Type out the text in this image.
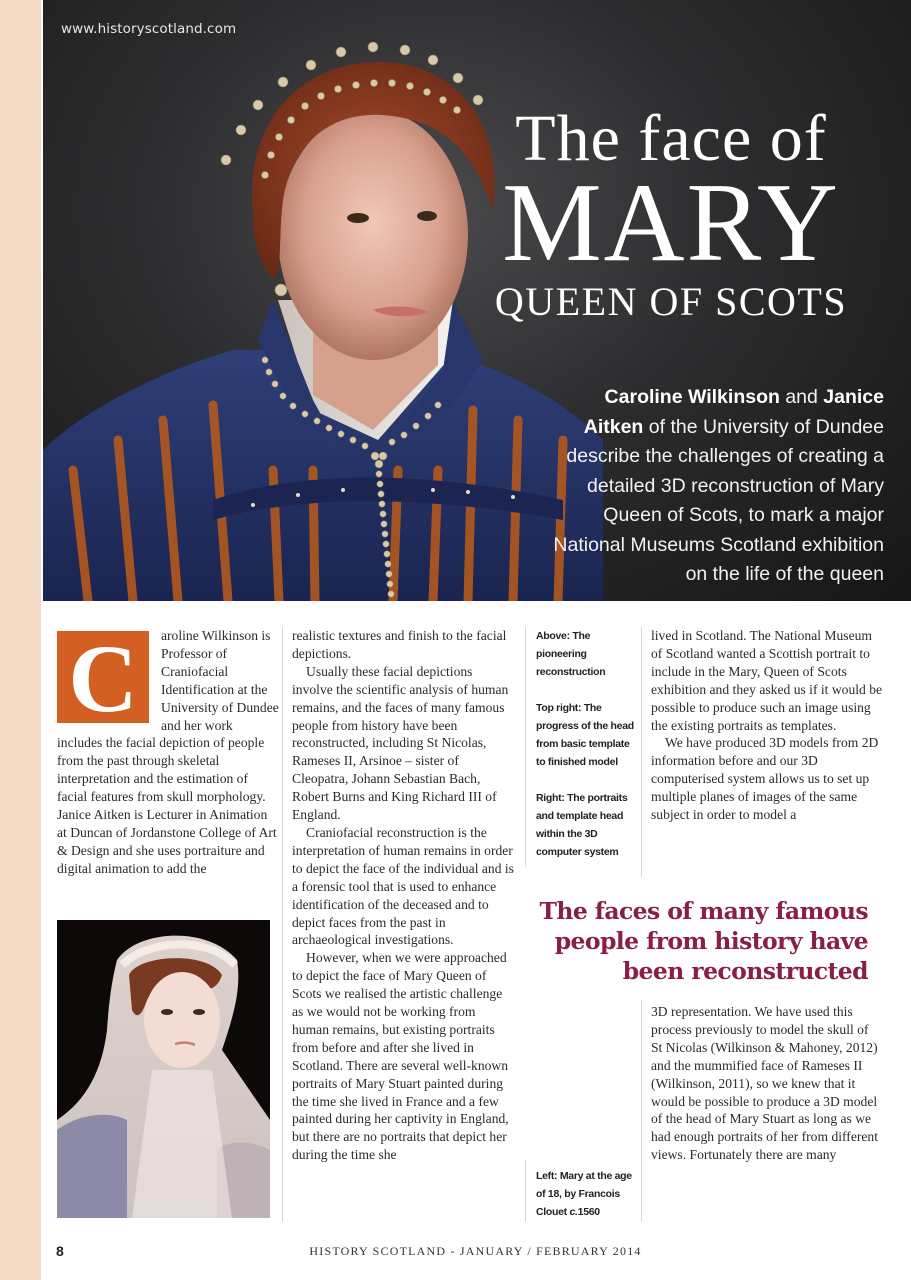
www.historyscotland.com
The face of
MARY
QUEEN OF SCOTS
Caroline Wilkinson and Janice Aitken of the University of Dundee describe the challenges of creating a detailed 3D reconstruction of Mary Queen of Scots, to mark a major National Museums Scotland exhibition on the life of the queen
C	aroline Wilkinson is Professor of Craniofacial Identification at the University of Dundee and her work includes the facial depiction of people from the past through skeletal interpretation and the estimation of facial features from skull morphology. Janice Aitken is Lecturer in Animation at Duncan of Jordanstone College of Art & Design and she uses portraiture and digital animation to add the

realistic textures and finish to the facial depictions.

Usually these facial depictions involve the scientific analysis of human remains, and the faces of many famous people from history have been reconstructed, including St Nicolas, Rameses II, Arsinoe – sister of Cleopatra, Johann Sebastian Bach, Robert Burns and King Richard III of England.

Craniofacial reconstruction is the interpretation of human remains in order to depict the face of the individual and is a forensic tool that is used to enhance identification of the deceased and to depict faces from the past in archaeological investigations.

However, when we were approached to depict the face of Mary Queen of Scots we realised the artistic challenge as we would not be working from human remains, but existing portraits from before and after she lived in Scotland. There are several well-known portraits of Mary Stuart painted during the time she lived in France and a few painted during her captivity in England, but there are no portraits that depict her during the time she

Above: The pioneering reconstruction

Top right: The progress of the head from basic template to finished model

Right: The portraits and template head within the 3D computer system

lived in Scotland. The National Museum of Scotland wanted a Scottish portrait to include in the Mary, Queen of Scots exhibition and they asked us if it would be possible to produce such an image using the existing portraits as templates.

We have produced 3D models from 2D information before and our 3D computerised system allows us to set up multiple planes of images of the same subject in order to model a

The faces of many famous people from history have been reconstructed

3D representation. We have used this process previously to model the skull of St Nicolas (Wilkinson & Mahoney, 2012) and the mummified face of Rameses II (Wilkinson, 2011), so we knew that it would be possible to produce a 3D model of the head of Mary Stuart as long as we had enough portraits of her from different views. Fortunately there are many

Left: Mary at the age of 18, by Francois Clouet c.1560
8	HISTORY SCOTLAND - JANUARY / FEBRUARY 2014
